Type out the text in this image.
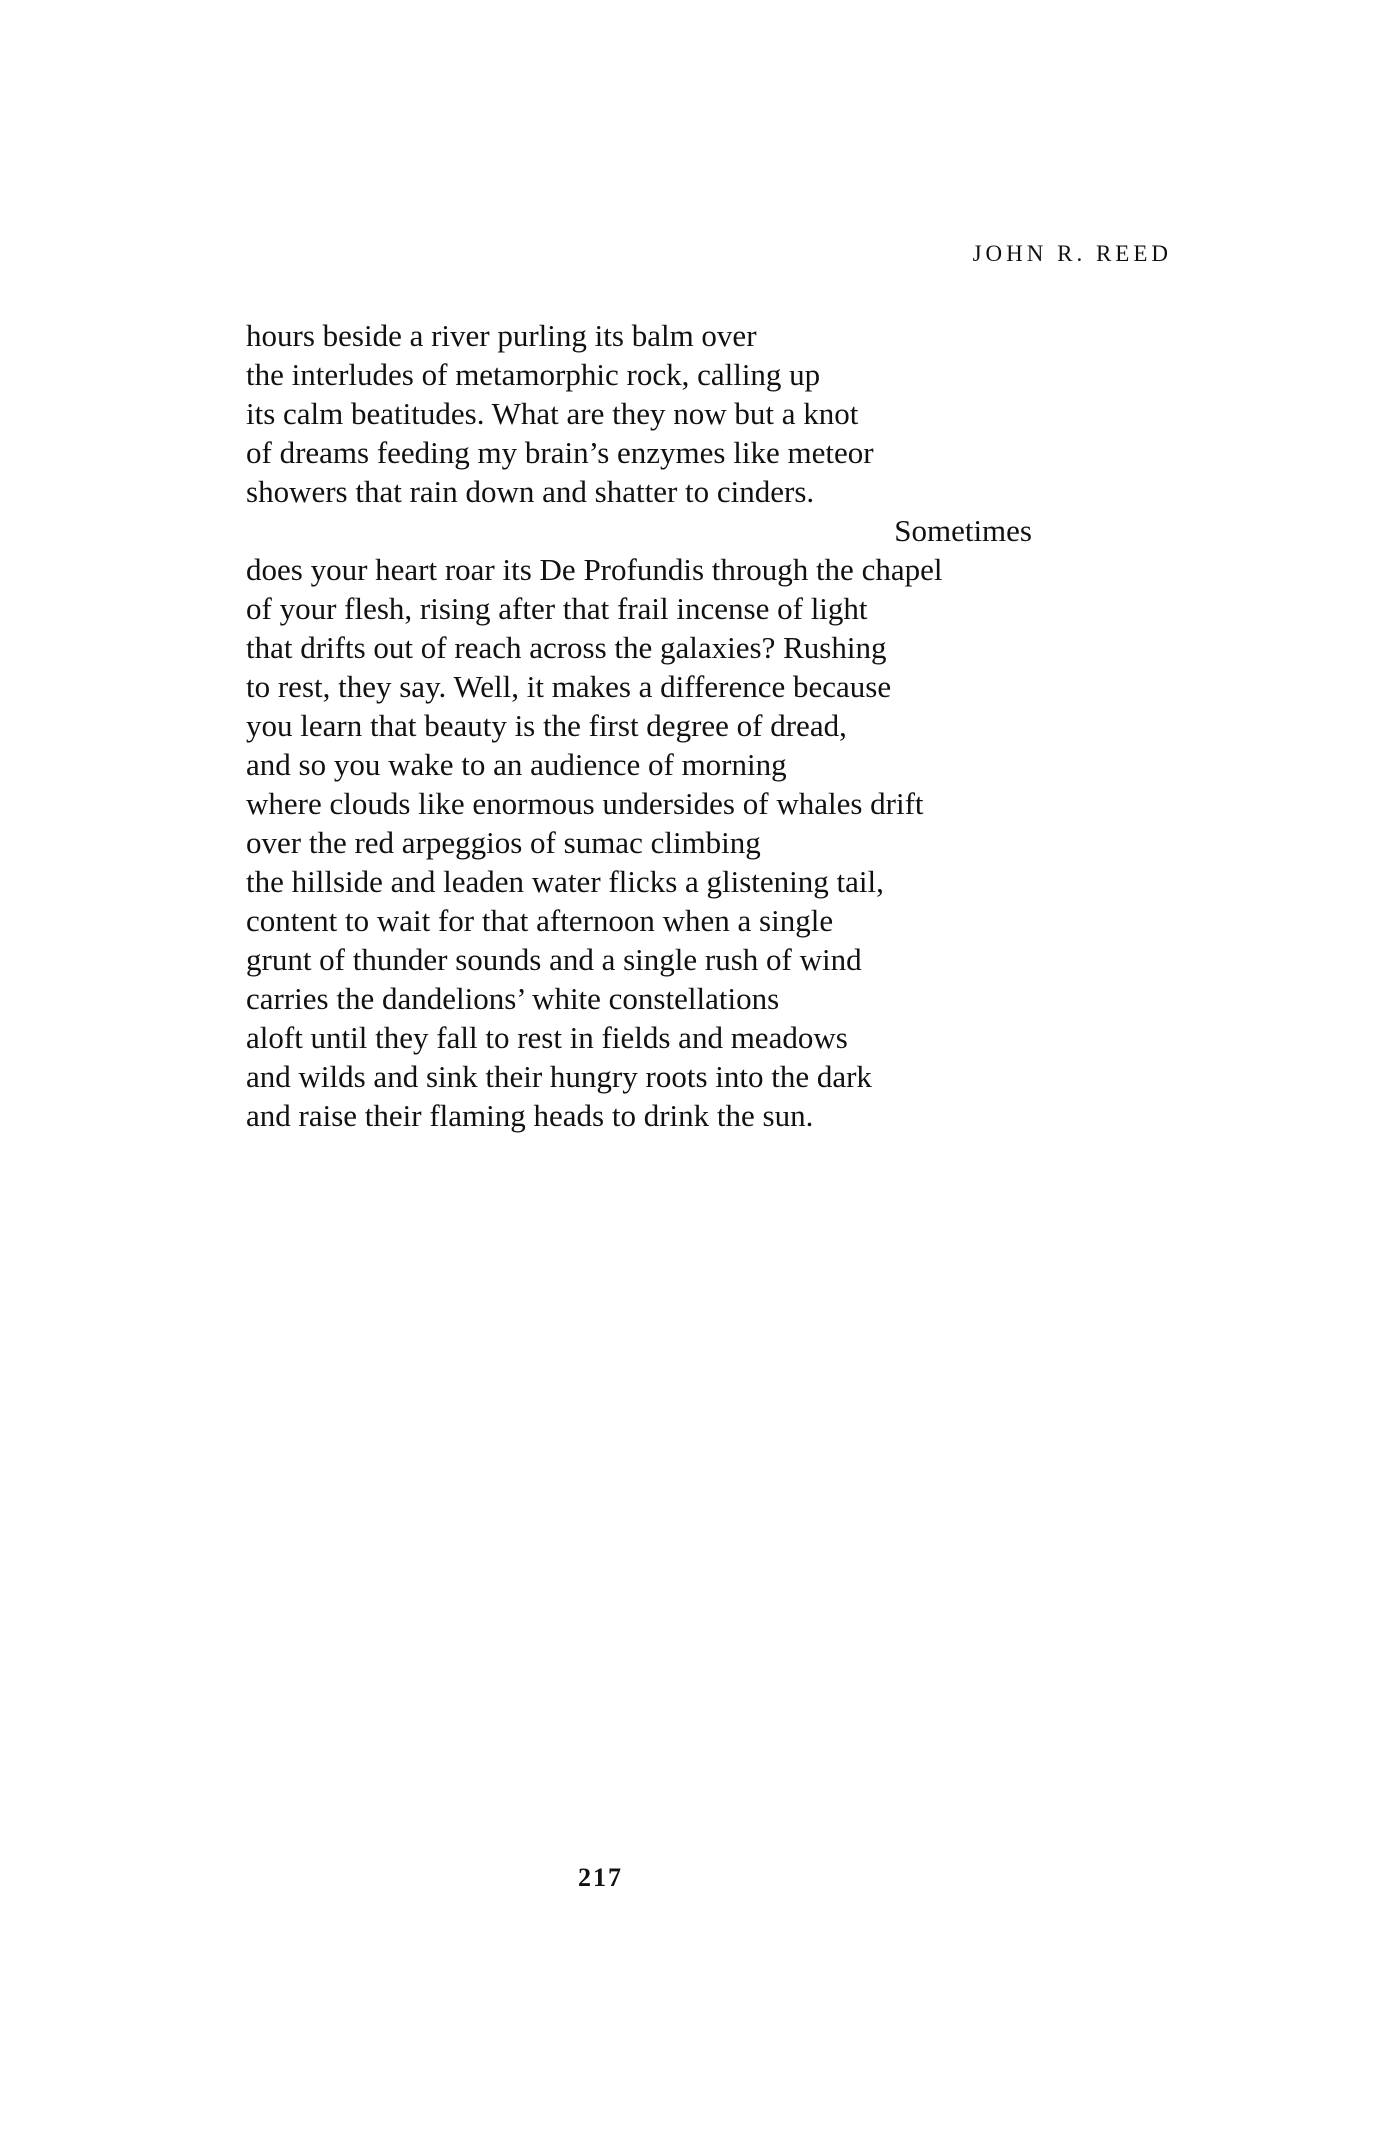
JOHN R. REED
hours beside a river purling its balm over
the interludes of metamorphic rock, calling up
its calm beatitudes. What are they now but a knot
of dreams feeding my brain’s enzymes like meteor
showers that rain down and shatter to cinders.
Sometimes
does your heart roar its De Profundis through the chapel
of your flesh, rising after that frail incense of light
that drifts out of reach across the galaxies? Rushing
to rest, they say. Well, it makes a difference because
you learn that beauty is the first degree of dread,
and so you wake to an audience of morning
where clouds like enormous undersides of whales drift
over the red arpeggios of sumac climbing
the hillside and leaden water flicks a glistening tail,
content to wait for that afternoon when a single
grunt of thunder sounds and a single rush of wind
carries the dandelions’ white constellations
aloft until they fall to rest in fields and meadows
and wilds and sink their hungry roots into the dark
and raise their flaming heads to drink the sun.
217
